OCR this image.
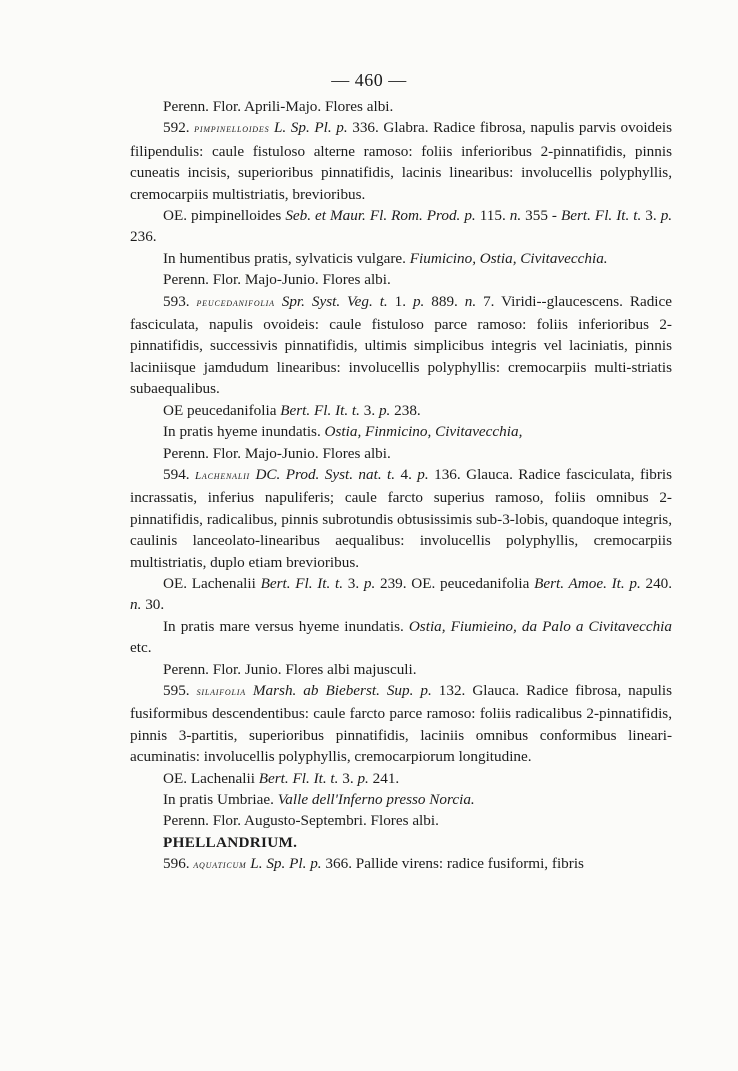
— 460 —

Perenn. Flor. Aprili-Majo. Flores albi.

592. pimpinelloides L. Sp. Pl. p. 336. Glabra. Radice fibrosa, napulis parvis ovoideis filipendulis: caule fistuloso alterne ramoso: foliis inferioribus 2-pinnatifidis, pinnis cuneatis incisis, superioribus pinnatifidis, lacinis linearibus: involucellis polyphyllis, cremocarpiis multistriatis, brevioribus.

OE. pimpinelloides Seb. et Maur. Fl. Rom. Prod. p. 115. n. 355 - Bert. Fl. It. t. 3. p. 236.

In humentibus pratis, sylvaticis vulgare. Fiumicino, Ostia, Civitavecchia.

Perenn. Flor. Majo-Junio. Flores albi.

593. peucedanifolia Spr. Syst. Veg. t. 1. p. 889. n. 7. Viridi--glaucescens. Radice fasciculata, napulis ovoideis: caule fistuloso parce ramoso: foliis inferioribus 2-pinnatifidis, successivis pinnatifidis, ultimis simplicibus integris vel laciniatis, pinnis laciniisque jamdudum linearibus: involucellis polyphyllis: cremocarpiis multi-striatis subaequalibus.

OE peucedanifolia Bert. Fl. It. t. 3. p. 238.

In pratis hyeme inundatis. Ostia, Finmicino, Civitavecchia,

Perenn. Flor. Majo-Junio. Flores albi.

594. Lachenalii DC. Prod. Syst. nat. t. 4. p. 136. Glauca. Radice fasciculata, fibris incrassatis, inferius napuliferis; caule farcto superius ramoso, foliis omnibus 2-pinnatifidis, radicalibus, pinnis subrotundis obtusissimis sub-3-lobis, quandoque integris, caulinis lanceolato-linearibus aequalibus: involucellis polyphyllis, cremocarpiis multistriatis, duplo etiam brevioribus.

OE. Lachenalii Bert. Fl. It. t. 3. p. 239. OE. peucedanifolia Bert. Amoe. It. p. 240. n. 30.

In pratis mare versus hyeme inundatis. Ostia, Fiumieino, da Palo a Civitavecchia etc.

Perenn. Flor. Junio. Flores albi majusculi.

595. silaifolia Marsh. ab Bieberst. Sup. p. 132. Glauca. Radice fibrosa, napulis fusiformibus descendentibus: caule farcto parce ramoso: foliis radicalibus 2-pinnatifidis, pinnis 3-partitis, superioribus pinnatifidis, laciniis omnibus conformibus lineari-acuminatis: involucellis polyphyllis, cremocarpiorum longitudine.

OE. Lachenalii Bert. Fl. It. t. 3. p. 241.

In pratis Umbriae. Valle dell'Inferno presso Norcia.

Perenn. Flor. Augusto-Septembri. Flores albi.

PHELLANDRIUM.

596. aquaticum L. Sp. Pl. p. 366. Pallide virens: radice fusiformi, fibris
